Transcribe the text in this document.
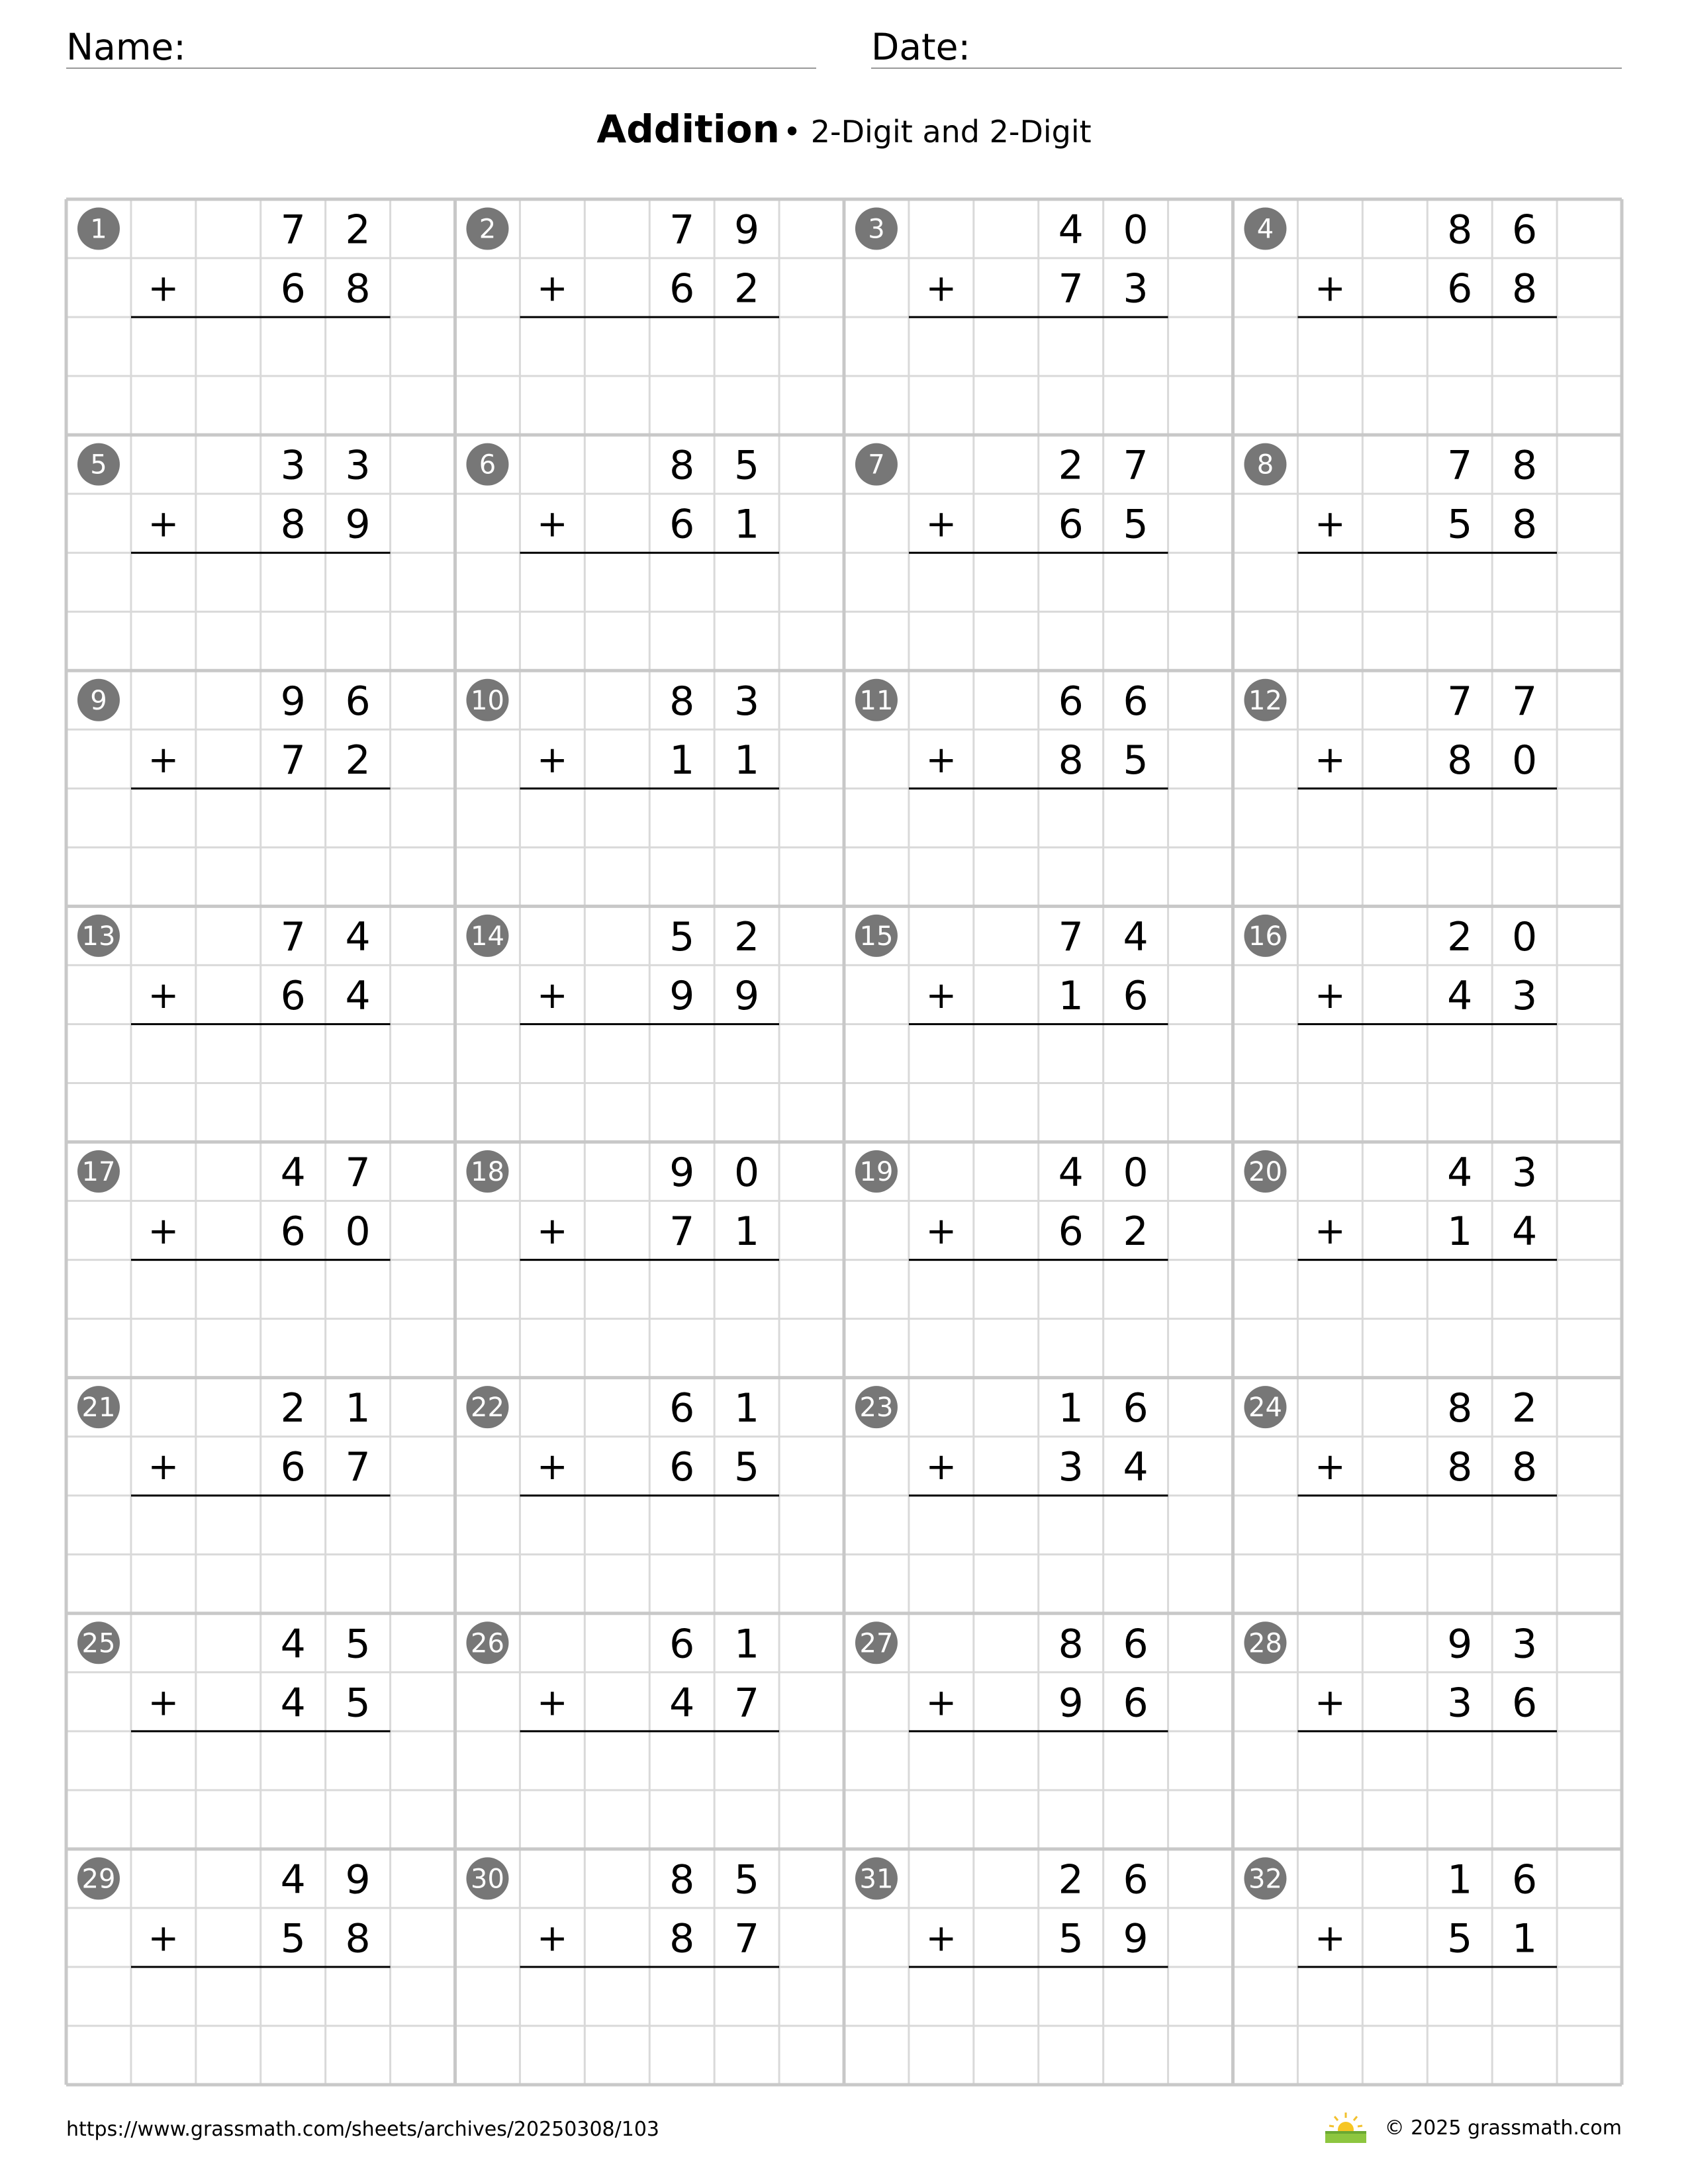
Name:	Date:
Addition • 2-Digit and 2-Digit
1	7 2
6 8
+
2	7 9
6 2
+
3	4 0
7 3
+
4	8 6
6 8
+
5	3 3
8 9
+
6	8 5
6 1
+
7	2 7
6 5
+
8	7 8
5 8
+
9	9 6
7 2
+
10	8 3
1 1
+
11	6 6
8 5
+
12	7 7
8 0
+
13	7 4
6 4
+
14	5 2
9 9
+
15	7 4
1 6
+
16	2 0
4 3
+
17	4 7
6 0
+
18	9 0
7 1
+
19	4 0
6 2
+
20	4 3
1 4
+
21	2 1
6 7
+
22	6 1
6 5
+
23	1 6
3 4
+
24	8 2
8 8
+
25	4 5
4 5
+
26	6 1
4 7
+
27	8 6
9 6
+
28	9 3
3 6
+
29	4 9
5 8
+
30	8 5
8 7
+
31	2 6
5 9
+
32	1 6
5 1
+
https://www.grassmath.com/sheets/archives/20250308/103	© 2025 grassmath.com
